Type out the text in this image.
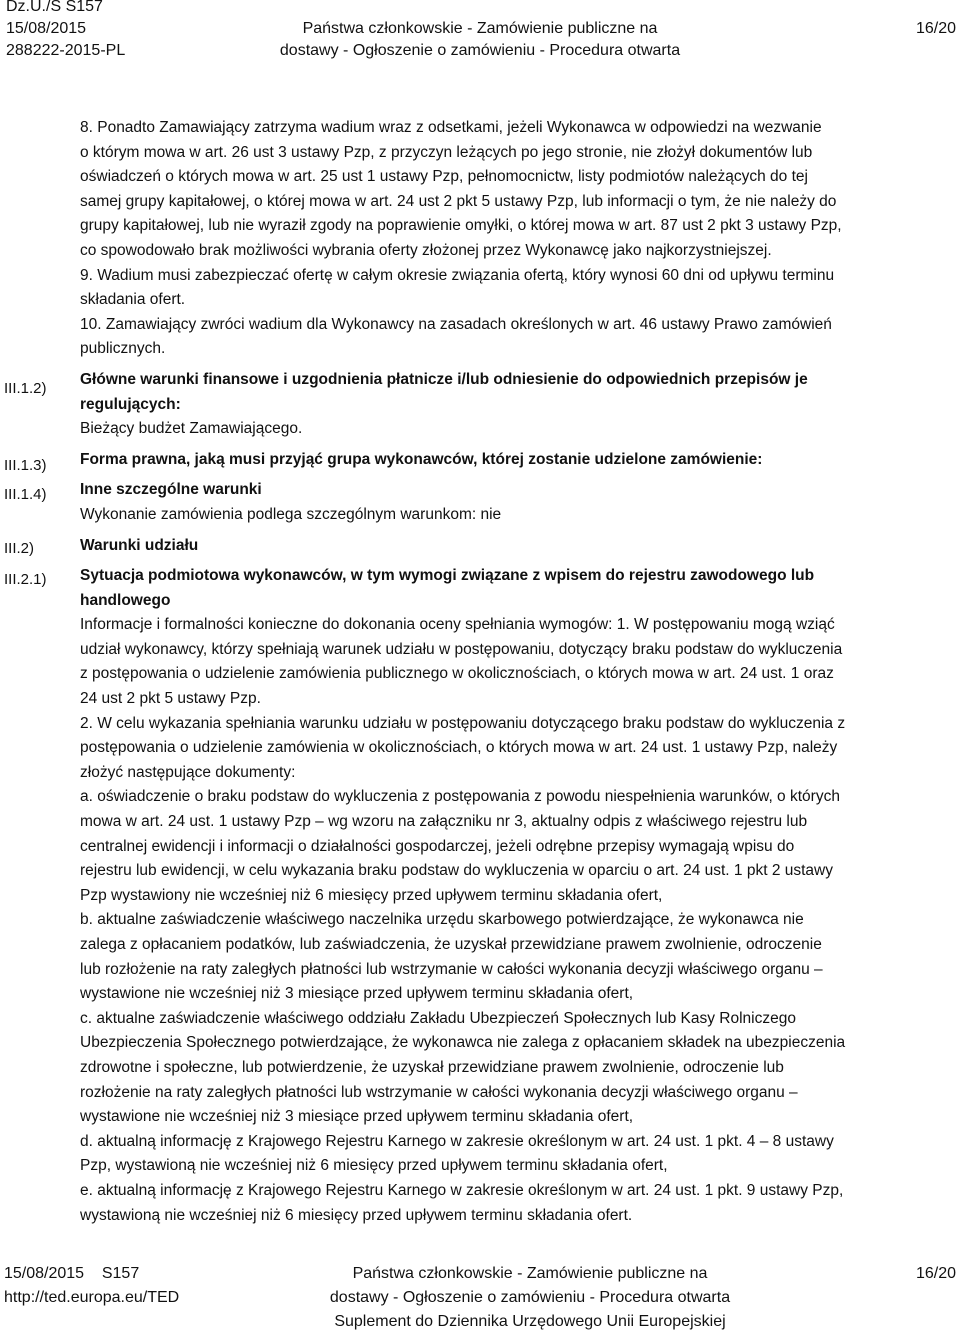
Dz.U./S S157
15/08/2015
288222-2015-PL
Państwa członkowskie - Zamówienie publiczne na
dostawy - Ogłoszenie o zamówieniu - Procedura otwarta
16/20
III.1.2)
III.1.3)
III.1.4)
III.2)
III.2.1)

8. Ponadto Zamawiający zatrzyma wadium wraz z odsetkami, jeżeli Wykonawca w odpowiedzi na wezwanie
o którym mowa w art. 26 ust 3 ustawy Pzp, z przyczyn leżących po jego stronie, nie złożył dokumentów lub
oświadczeń o których mowa w art. 25 ust 1 ustawy Pzp, pełnomocnictw, listy podmiotów należących do tej
samej grupy kapitałowej, o której mowa w art. 24 ust 2 pkt 5 ustawy Pzp, lub informacji o tym, że nie należy do
grupy kapitałowej, lub nie wyraził zgody na poprawienie omyłki, o której mowa w art. 87 ust 2 pkt 3 ustawy Pzp,
co spowodowało brak możliwości wybrania oferty złożonej przez Wykonawcę jako najkorzystniejszej.
9. Wadium musi zabezpieczać ofertę w całym okresie związania ofertą, który wynosi 60 dni od upływu terminu
składania ofert.
10. Zamawiający zwróci wadium dla Wykonawcy na zasadach określonych w art. 46 ustawy Prawo zamówień
publicznych.

Główne warunki finansowe i uzgodnienia płatnicze i/lub odniesienie do odpowiednich przepisów je
regulujących:

Bieżący budżet Zamawiającego.

Forma prawna, jaką musi przyjąć grupa wykonawców, której zostanie udzielone zamówienie:

Inne szczególne warunki

Wykonanie zamówienia podlega szczególnym warunkom: nie

Warunki udziału

Sytuacja podmiotowa wykonawców, w tym wymogi związane z wpisem do rejestru zawodowego lub
handlowego

Informacje i formalności konieczne do dokonania oceny spełniania wymogów: 1. W postępowaniu mogą wziąć
udział wykonawcy, którzy spełniają warunek udziału w postępowaniu, dotyczący braku podstaw do wykluczenia
z postępowania o udzielenie zamówienia publicznego w okolicznościach, o których mowa w art. 24 ust. 1 oraz
24 ust 2 pkt 5 ustawy Pzp.
2. W celu wykazania spełniania warunku udziału w postępowaniu dotyczącego braku podstaw do wykluczenia z
postępowania o udzielenie zamówienia w okolicznościach, o których mowa w art. 24 ust. 1 ustawy Pzp, należy
złożyć następujące dokumenty:
a. oświadczenie o braku podstaw do wykluczenia z postępowania z powodu niespełnienia warunków, o których
mowa w art. 24 ust. 1 ustawy Pzp – wg wzoru na załączniku nr 3, aktualny odpis z właściwego rejestru lub
centralnej ewidencji i informacji o działalności gospodarczej, jeżeli odrębne przepisy wymagają wpisu do
rejestru lub ewidencji, w celu wykazania braku podstaw do wykluczenia w oparciu o art. 24 ust. 1 pkt 2 ustawy
Pzp wystawiony nie wcześniej niż 6 miesięcy przed upływem terminu składania ofert,
b. aktualne zaświadczenie właściwego naczelnika urzędu skarbowego potwierdzające, że wykonawca nie
zalega z opłacaniem podatków, lub zaświadczenia, że uzyskał przewidziane prawem zwolnienie, odroczenie
lub rozłożenie na raty zaległych płatności lub wstrzymanie w całości wykonania decyzji właściwego organu –
wystawione nie wcześniej niż 3 miesiące przed upływem terminu składania ofert,
c. aktualne zaświadczenie właściwego oddziału Zakładu Ubezpieczeń Społecznych lub Kasy Rolniczego
Ubezpieczenia Społecznego potwierdzające, że wykonawca nie zalega z opłacaniem składek na ubezpieczenia
zdrowotne i społeczne, lub potwierdzenie, że uzyskał przewidziane prawem zwolnienie, odroczenie lub
rozłożenie na raty zaległych płatności lub wstrzymanie w całości wykonania decyzji właściwego organu –
wystawione nie wcześniej niż 3 miesiące przed upływem terminu składania ofert,
d. aktualną informację z Krajowego Rejestru Karnego w zakresie określonym w art. 24 ust. 1 pkt. 4 – 8 ustawy
Pzp, wystawioną nie wcześniej niż 6 miesięcy przed upływem terminu składania ofert,
e. aktualną informację z Krajowego Rejestru Karnego w zakresie określonym w art. 24 ust. 1 pkt. 9 ustawy Pzp,
wystawioną nie wcześniej niż 6 miesięcy przed upływem terminu składania ofert.

15/08/2015 S157
http://ted.europa.eu/TED
Państwa członkowskie - Zamówienie publiczne na
dostawy - Ogłoszenie o zamówieniu - Procedura otwarta
Suplement do Dziennika Urzędowego Unii Europejskiej
16/20
